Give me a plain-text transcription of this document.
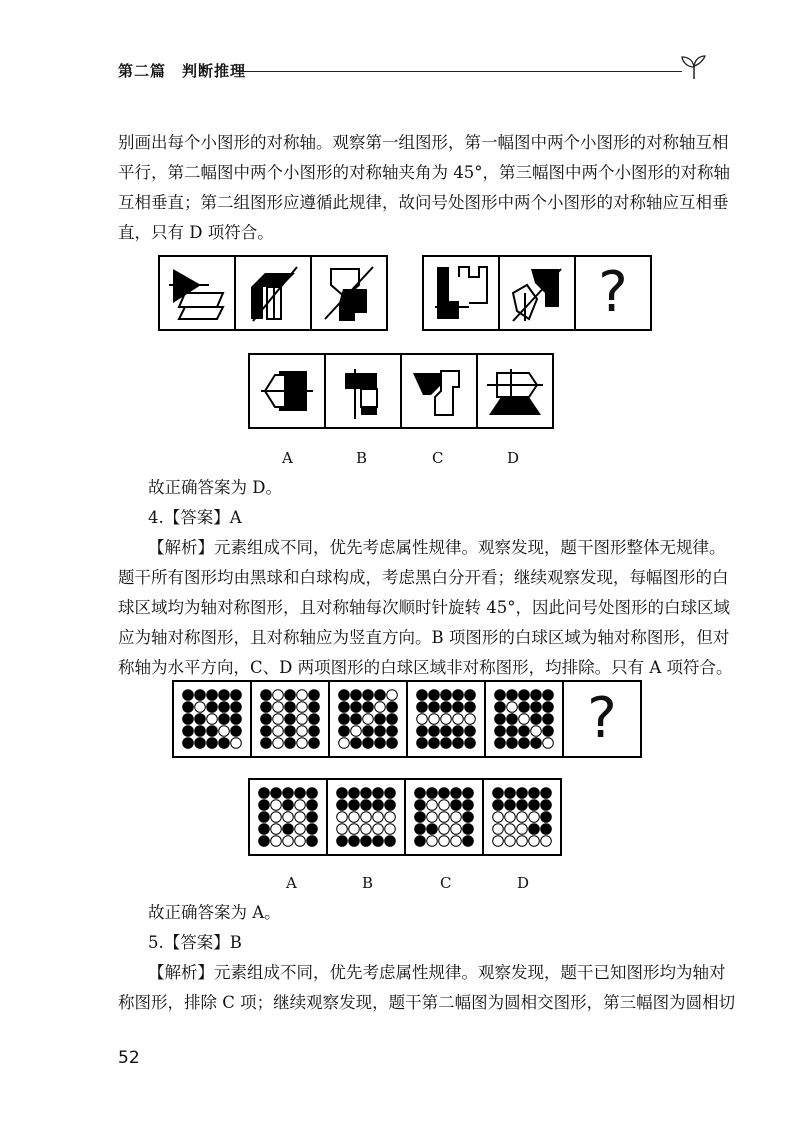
第二篇　判断推理

别画出每个小图形的对称轴。观察第一组图形，第一幅图中两个小图形的对称轴互相

平行，第二幅图中两个小图形的对称轴夹角为 45°，第三幅图中两个小图形的对称轴

互相垂直；第二组图形应遵循此规律，故问号处图形中两个小图形的对称轴应互相垂

直，只有 D 项符合。

?
A	B	C	D

故正确答案为 D。

4.【答案】A

【解析】元素组成不同，优先考虑属性规律。观察发现，题干图形整体无规律。

题干所有图形均由黑球和白球构成，考虑黑白分开看；继续观察发现，每幅图形的白

球区域均为轴对称图形，且对称轴每次顺时针旋转 45°，因此问号处图形的白球区域

应为轴对称图形，且对称轴应为竖直方向。B 项图形的白球区域为轴对称图形，但对

称轴为水平方向，C、D 两项图形的白球区域非对称图形，均排除。只有 A 项符合。

?
A	B	C	D

故正确答案为 A。

5.【答案】B

【解析】元素组成不同，优先考虑属性规律。观察发现，题干已知图形均为轴对

称图形，排除 C 项；继续观察发现，题干第二幅图为圆相交图形，第三幅图为圆相切

52
